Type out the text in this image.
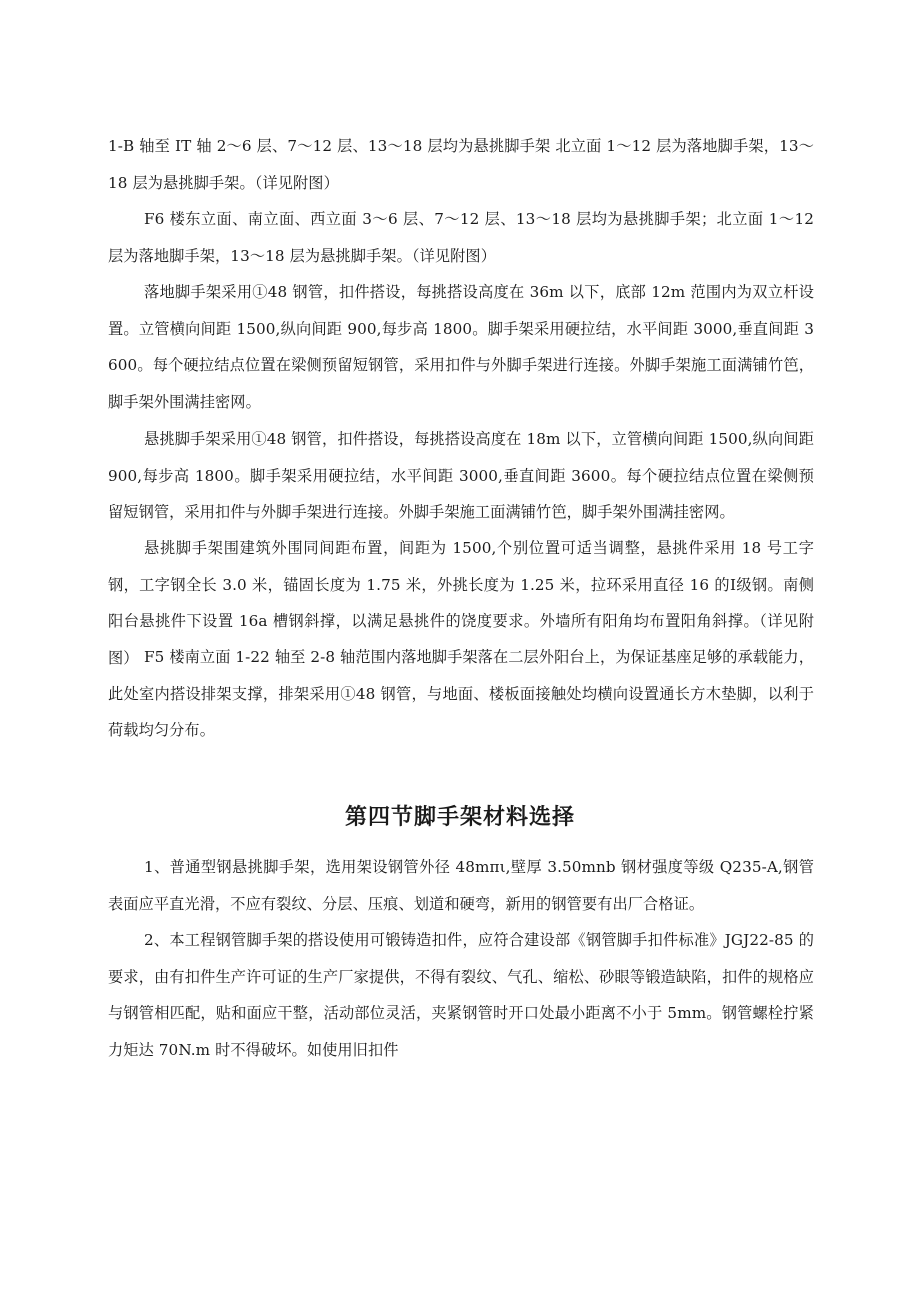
1-B 轴至 IT 轴 2～6 层、7～12 层、13～18 层均为悬挑脚手架 北立面 1～12 层为落地脚手架，13～18 层为悬挑脚手架。（详见附图）

F6 楼东立面、南立面、西立面 3～6 层、7～12 层、13～18 层均为悬挑脚手架；北立面 1～12 层为落地脚手架，13～18 层为悬挑脚手架。（详见附图）

落地脚手架采用①48 钢管，扣件搭设，每挑搭设高度在 36m 以下，底部 12m 范围内为双立杆设置。立管横向间距 1500,纵向间距 900,每步高 1800。脚手架采用硬拉结，水平间距 3000,垂直间距 3600。每个硬拉结点位置在梁侧预留短钢管，采用扣件与外脚手架进行连接。外脚手架施工面满铺竹笆，脚手架外围满挂密网。

悬挑脚手架采用①48 钢管，扣件搭设，每挑搭设高度在 18m 以下，立管横向间距 1500,纵向间距 900,每步高 1800。脚手架采用硬拉结，水平间距 3000,垂直间距 3600。每个硬拉结点位置在梁侧预留短钢管，采用扣件与外脚手架进行连接。外脚手架施工面满铺竹笆，脚手架外围满挂密网。

悬挑脚手架围建筑外围同间距布置，间距为 1500,个别位置可适当调整，悬挑件采用 18 号工字钢，工字钢全长 3.0 米，锚固长度为 1.75 米，外挑长度为 1.25 米，拉环采用直径 16 的Ⅰ级钢。南侧阳台悬挑件下设置 16a 槽钢斜撑，以满足悬挑件的饶度要求。外墙所有阳角均布置阳角斜撑。（详见附图） F5 楼南立面 1-22 轴至 2-8 轴范围内落地脚手架落在二层外阳台上，为保证基座足够的承载能力，此处室内搭设排架支撑，排架采用①48 钢管，与地面、楼板面接触处均横向设置通长方木垫脚，以利于荷载均匀分布。

第四节脚手架材料选择

1、普通型钢悬挑脚手架，选用架设钢管外径 48mπι,壁厚 3.50mnb 钢材强度等级 Q235-A,钢管表面应平直光滑，不应有裂纹、分层、压痕、划道和硬弯，新用的钢管要有出厂合格证。

2、本工程钢管脚手架的搭设使用可锻铸造扣件，应符合建设部《钢管脚手扣件标准》JGJ22-85 的要求，由有扣件生产许可证的生产厂家提供，不得有裂纹、气孔、缩松、砂眼等锻造缺陷，扣件的规格应与钢管相匹配，贴和面应干整，活动部位灵活，夹紧钢管时开口处最小距离不小于 5mm。钢管螺栓拧紧力矩达 70N.m 时不得破坏。如使用旧扣件
